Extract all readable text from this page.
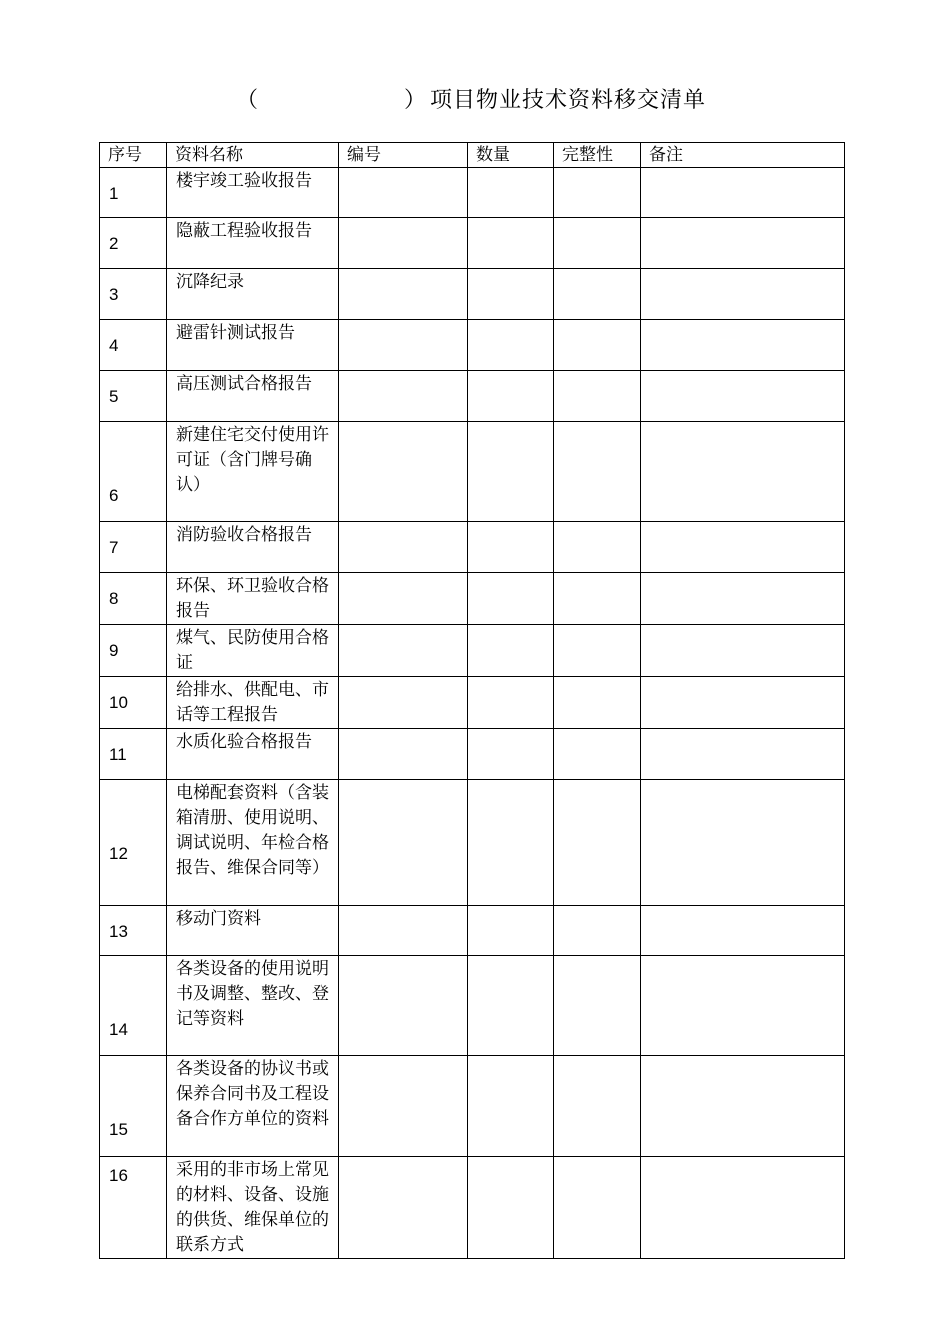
（	） 项目物业技术资料移交清单
序号	资料名称	编号	数量	完整性	备注

1	楼宇竣工验收报告				

2	隐蔽工程验收报告				

3	沉降纪录				

4	避雷针测试报告				

5	高压测试合格报告				

6	新建住宅交付使用许可证（含门牌号确认）				

7	消防验收合格报告				

8	环保、环卫验收合格报告				

9	煤气、民防使用合格证				

10	给排水、供配电、市话等工程报告				

11	水质化验合格报告				

12	电梯配套资料（含装箱清册、使用说明、调试说明、年检合格报告、维保合同等）				

13	移动门资料				

14	各类设备的使用说明书及调整、整改、登记等资料				

15	各类设备的协议书或保养合同书及工程设备合作方单位的资料				

16	采用的非市场上常见的材料、设备、设施的供货、维保单位的联系方式				
